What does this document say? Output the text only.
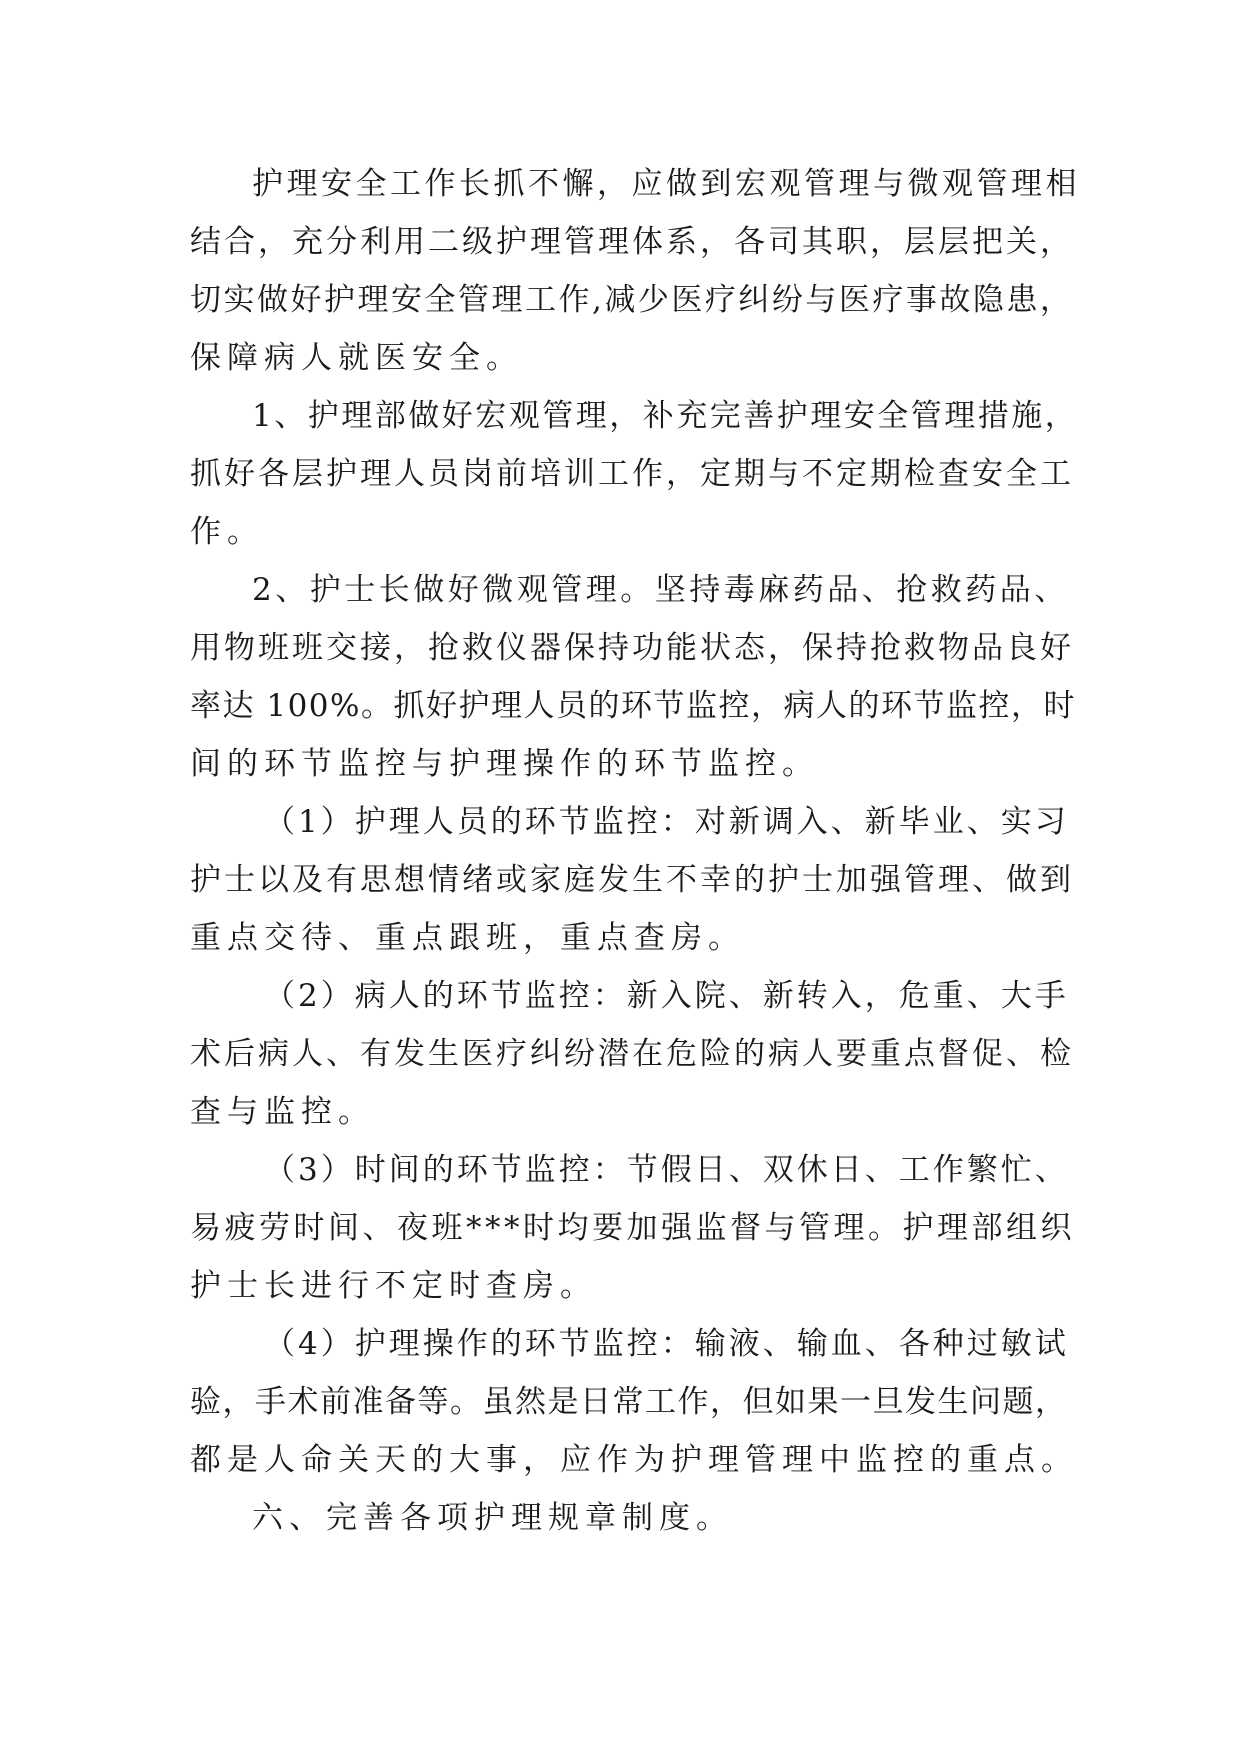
护理安全工作长抓不懈，应做到宏观管理与微观管理相
结合，充分利用二级护理管理体系，各司其职，层层把关，
切实做好护理安全管理工作,减少医疗纠纷与医疗事故隐患，
保障病人就医安全。
1、护理部做好宏观管理，补充完善护理安全管理措施，
抓好各层护理人员岗前培训工作，定期与不定期检查安全工
作。
2、护士长做好微观管理。坚持毒麻药品、抢救药品、
用物班班交接，抢救仪器保持功能状态，保持抢救物品良好
率达 100%。抓好护理人员的环节监控，病人的环节监控，时
间的环节监控与护理操作的环节监控。
（1）护理人员的环节监控：对新调入、新毕业、实习
护士以及有思想情绪或家庭发生不幸的护士加强管理、做到
重点交待、重点跟班，重点查房。
（2）病人的环节监控：新入院、新转入，危重、大手
术后病人、有发生医疗纠纷潜在危险的病人要重点督促、检
查与监控。
（3）时间的环节监控：节假日、双休日、工作繁忙、
易疲劳时间、夜班***时均要加强监督与管理。护理部组织
护士长进行不定时查房。
（4）护理操作的环节监控：输液、输血、各种过敏试
验，手术前准备等。虽然是日常工作，但如果一旦发生问题，
都是人命关天的大事，应作为护理管理中监控的重点。
六、完善各项护理规章制度。
